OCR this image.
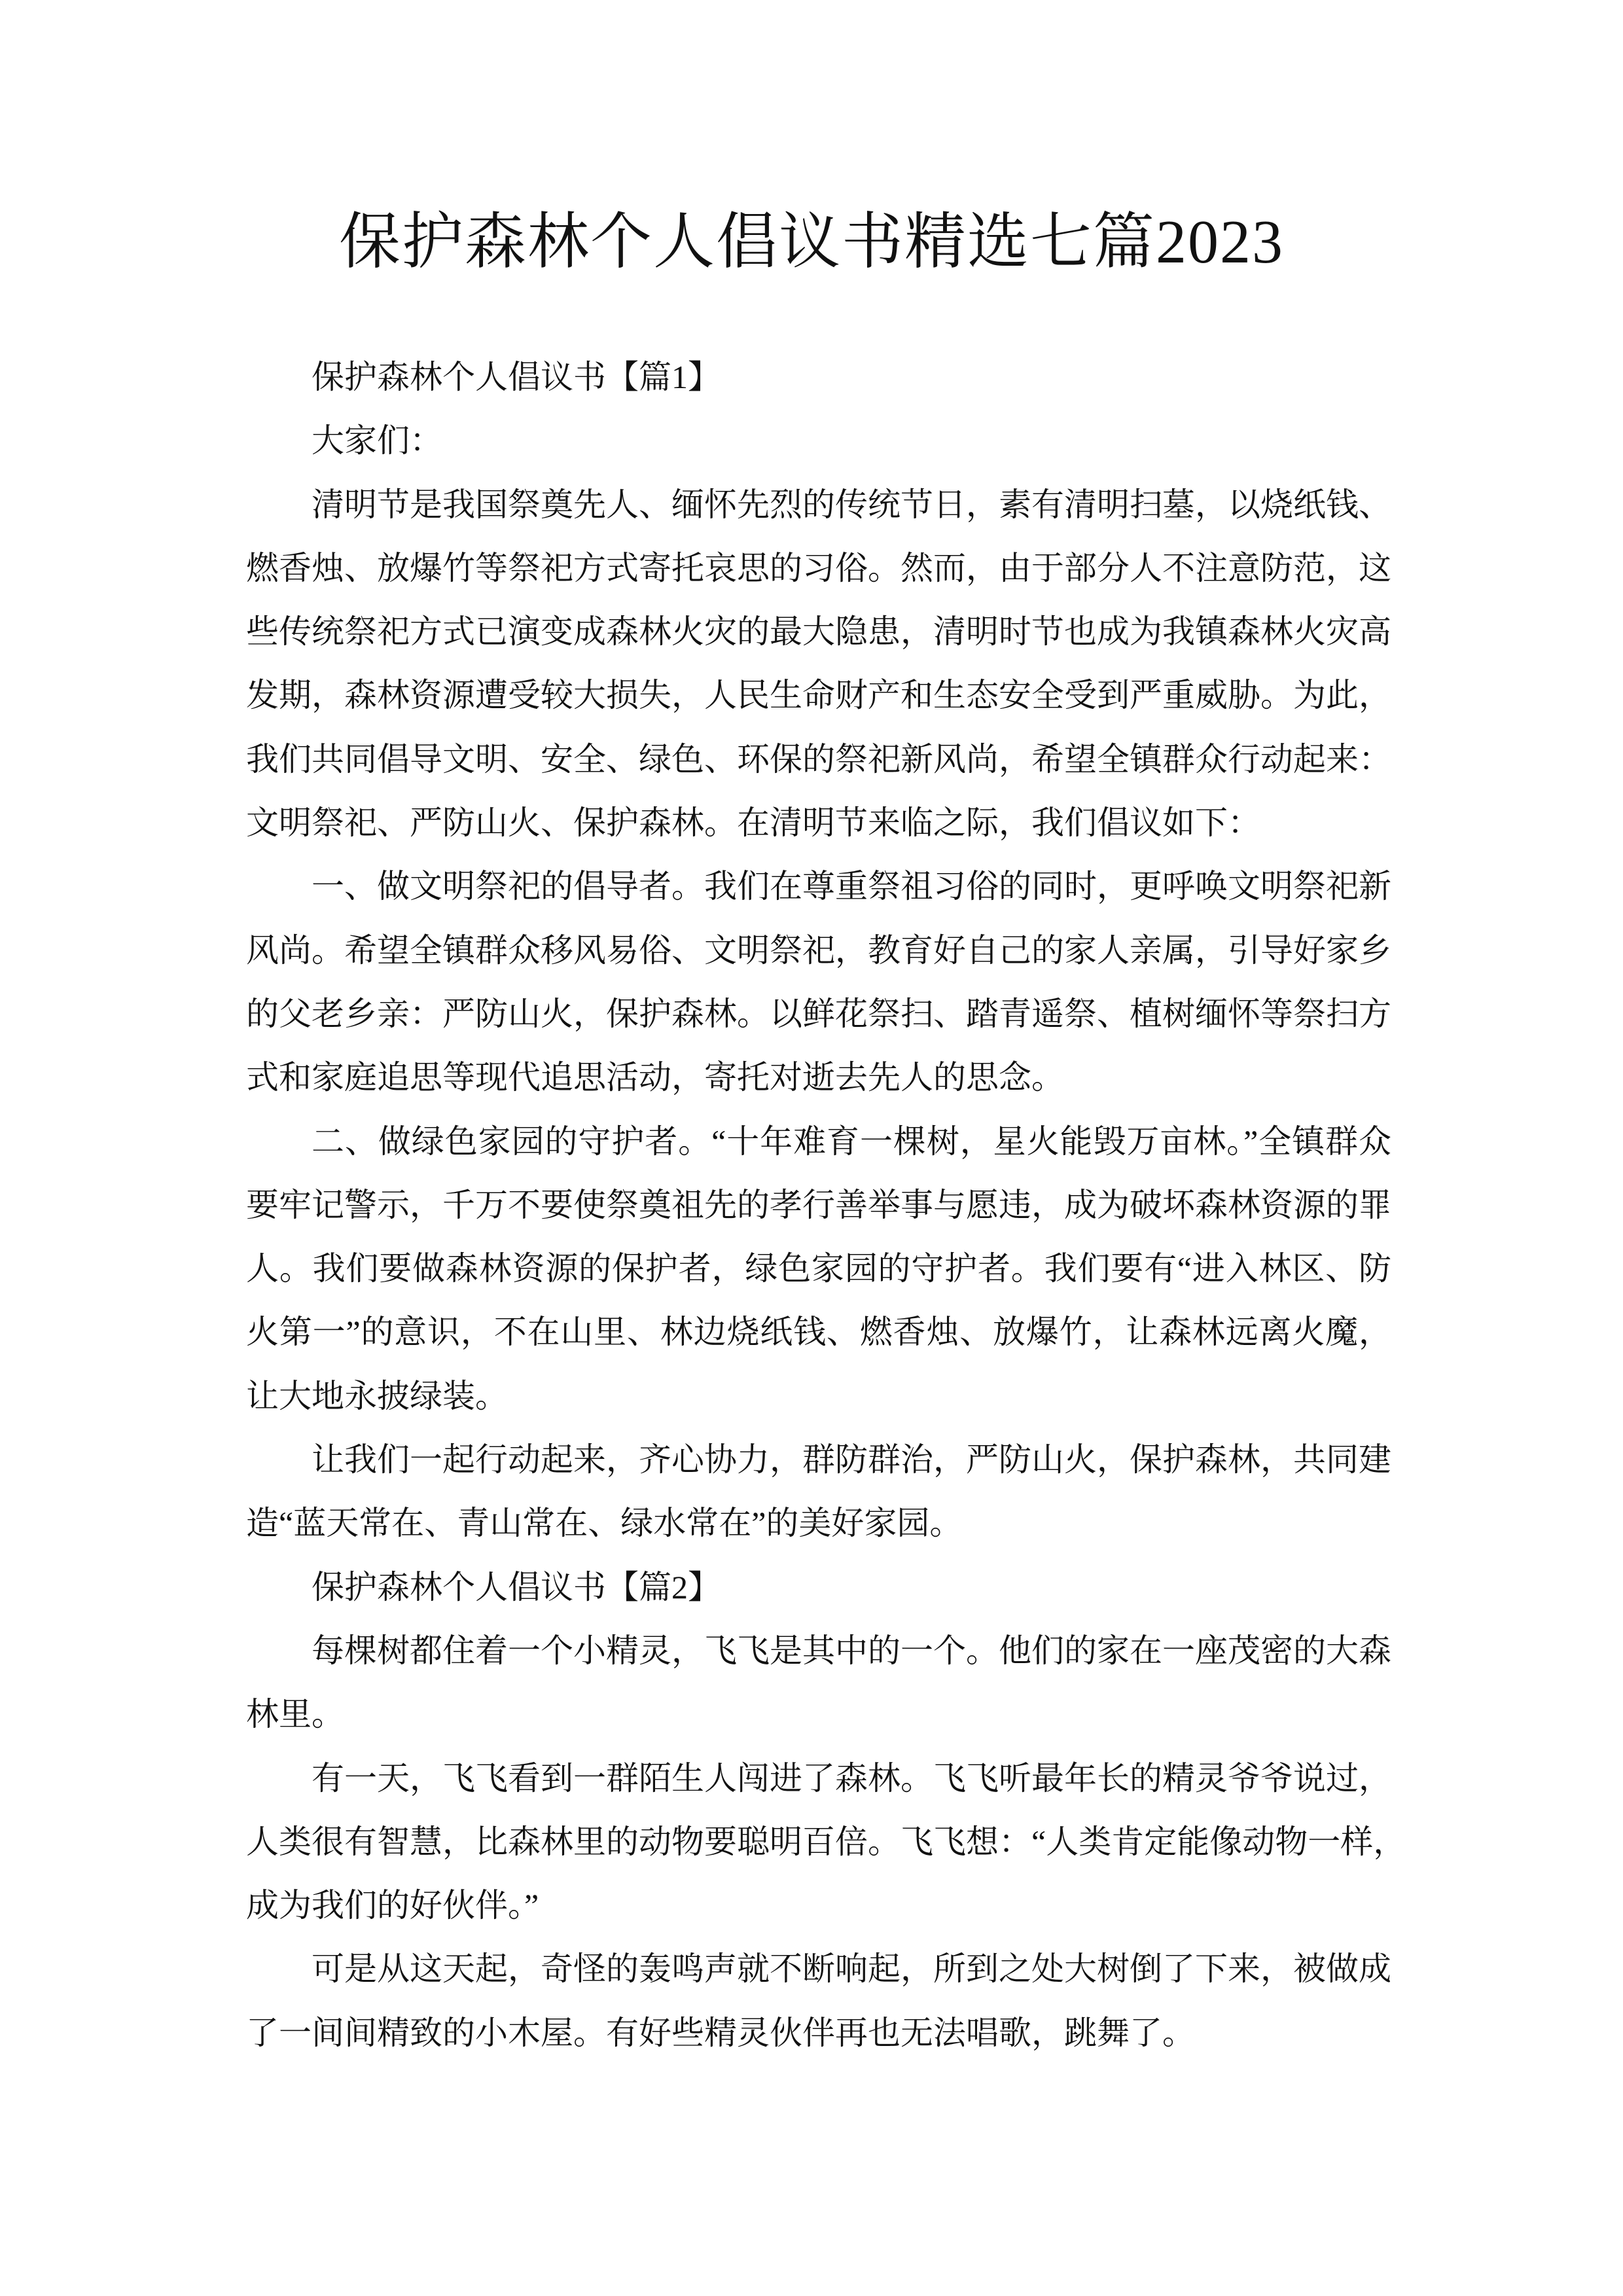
保护森林个人倡议书精选七篇2023
保护森林个人倡议书【篇1】
大家们：
清明节是我国祭奠先人、缅怀先烈的传统节日，素有清明扫墓，以烧纸钱、
燃香烛、放爆竹等祭祀方式寄托哀思的习俗。然而，由于部分人不注意防范，这
些传统祭祀方式已演变成森林火灾的最大隐患，清明时节也成为我镇森林火灾高
发期，森林资源遭受较大损失，人民生命财产和生态安全受到严重威胁。为此，
我们共同倡导文明、安全、绿色、环保的祭祀新风尚，希望全镇群众行动起来：
文明祭祀、严防山火、保护森林。在清明节来临之际，我们倡议如下：
一、做文明祭祀的倡导者。我们在尊重祭祖习俗的同时，更呼唤文明祭祀新
风尚。希望全镇群众移风易俗、文明祭祀，教育好自己的家人亲属，引导好家乡
的父老乡亲：严防山火，保护森林。以鲜花祭扫、踏青遥祭、植树缅怀等祭扫方
式和家庭追思等现代追思活动，寄托对逝去先人的思念。
二、做绿色家园的守护者。“十年难育一棵树，星火能毁万亩林。”全镇群众
要牢记警示，千万不要使祭奠祖先的孝行善举事与愿违，成为破坏森林资源的罪
人。我们要做森林资源的保护者，绿色家园的守护者。我们要有“进入林区、防
火第一”的意识，不在山里、林边烧纸钱、燃香烛、放爆竹，让森林远离火魔，
让大地永披绿装。
让我们一起行动起来，齐心协力，群防群治，严防山火，保护森林，共同建
造“蓝天常在、青山常在、绿水常在”的美好家园。
保护森林个人倡议书【篇2】
每棵树都住着一个小精灵，飞飞是其中的一个。他们的家在一座茂密的大森
林里。
有一天，飞飞看到一群陌生人闯进了森林。飞飞听最年长的精灵爷爷说过，
人类很有智慧，比森林里的动物要聪明百倍。飞飞想：“人类肯定能像动物一样，
成为我们的好伙伴。”
可是从这天起，奇怪的轰鸣声就不断响起，所到之处大树倒了下来，被做成
了一间间精致的小木屋。有好些精灵伙伴再也无法唱歌，跳舞了。
